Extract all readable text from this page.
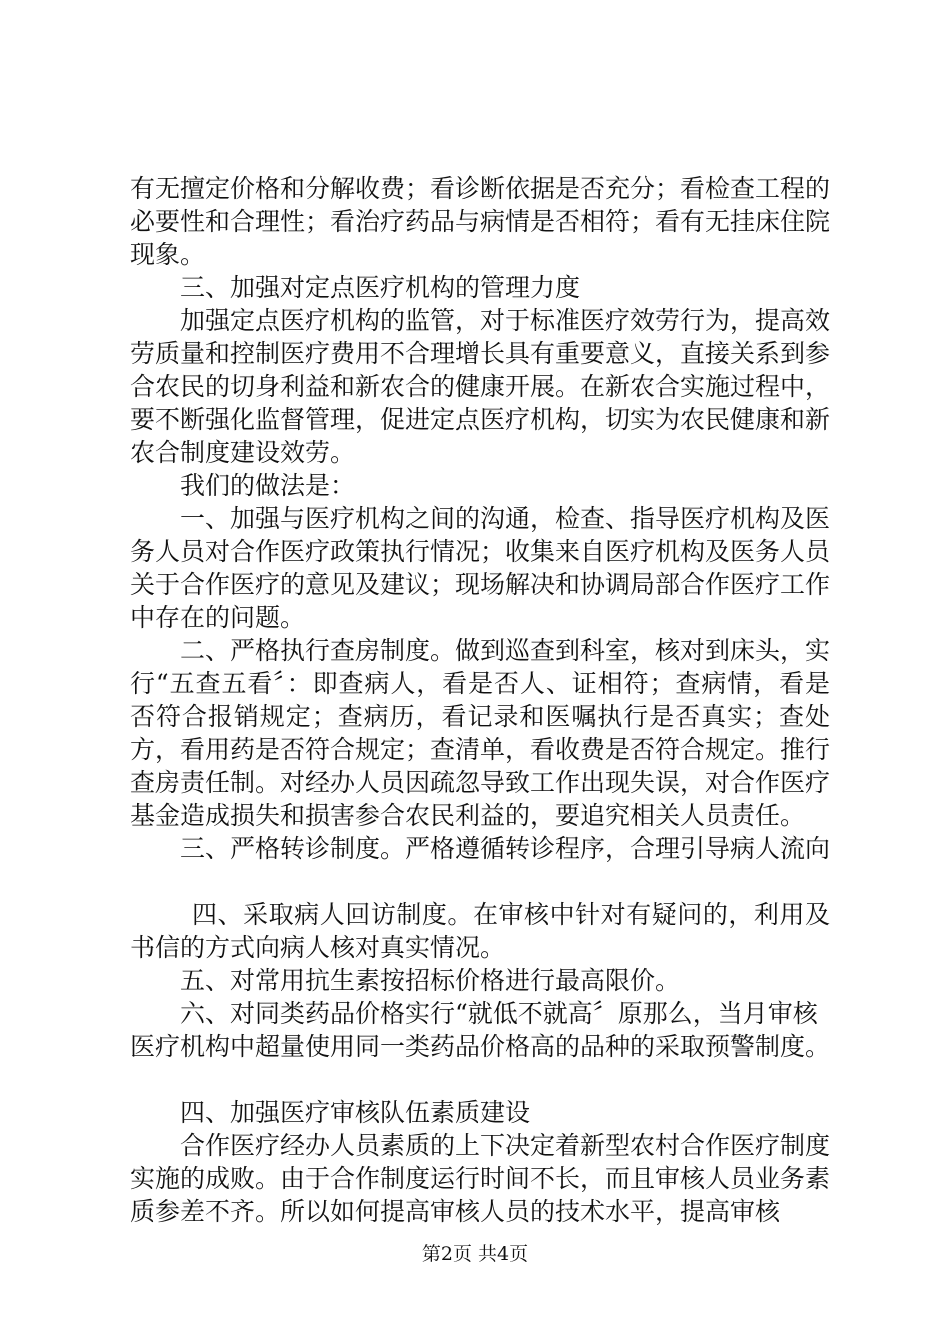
有无擅定价格和分解收费；看诊断依据是否充分；看检查工程的必要性和合理性；看治疗药品与病情是否相符；看有无挂床住院现象。

三、加强对定点医疗机构的管理力度

加强定点医疗机构的监管，对于标准医疗效劳行为，提高效劳质量和控制医疗费用不合理增长具有重要意义，直接关系到参合农民的切身利益和新农合的健康开展。在新农合实施过程中，要不断强化监督管理，促进定点医疗机构，切实为农民健康和新农合制度建设效劳。

我们的做法是：

一、加强与医疗机构之间的沟通，检查、指导医疗机构及医务人员对合作医疗政策执行情况；收集来自医疗机构及医务人员关于合作医疗的意见及建议；现场解决和协调局部合作医疗工作中存在的问题。

二、严格执行查房制度。做到巡查到科室，核对到床头，实行“五查五看〞：即查病人，看是否人、证相符；查病情，看是否符合报销规定；查病历，看记录和医嘱执行是否真实；查处方，看用药是否符合规定；查清单，看收费是否符合规定。推行查房责任制。对经办人员因疏忽导致工作出现失误，对合作医疗基金造成损失和损害参合农民利益的，要追究相关人员责任。

三、严格转诊制度。严格遵循转诊程序，合理引导病人流向

四、采取病人回访制度。在审核中针对有疑问的，利用及书信的方式向病人核对真实情况。

五、对常用抗生素按招标价格进行最高限价。

六、对同类药品价格实行“就低不就高〞原那么，当月审核

医疗机构中超量使用同一类药品价格高的品种的采取预警制度。

四、加强医疗审核队伍素质建设

合作医疗经办人员素质的上下决定着新型农村合作医疗制度实施的成败。由于合作制度运行时间不长，而且审核人员业务素质参差不齐。所以如何提高审核人员的技术水平，提高审核

第2页 共4页
